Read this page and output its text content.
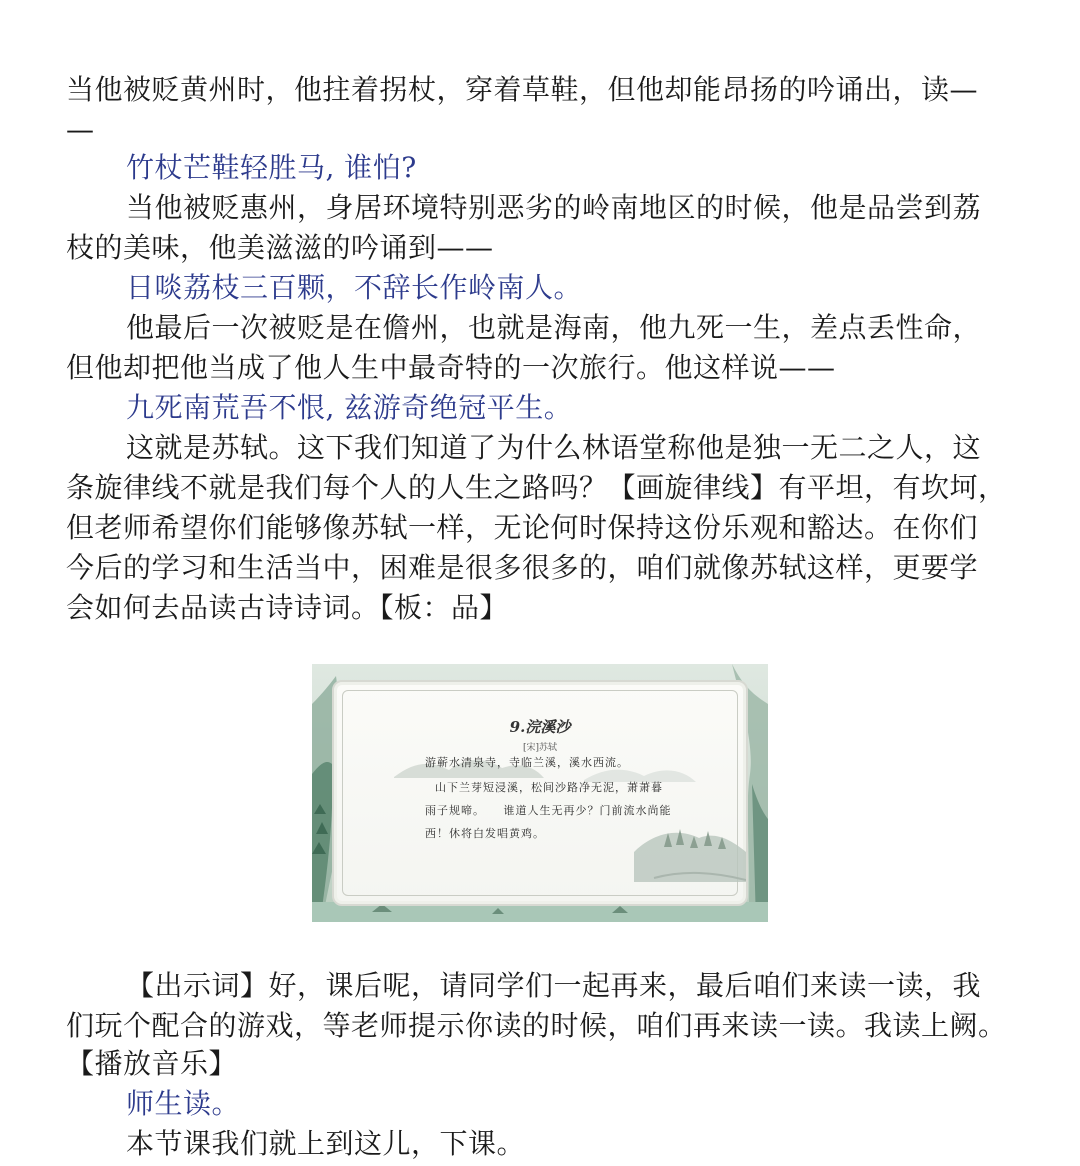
当他被贬黄州时，他拄着拐杖，穿着草鞋，但他却能昂扬的吟诵出，读—
—
竹杖芒鞋轻胜马, 谁怕?
当他被贬惠州，身居环境特别恶劣的岭南地区的时候，他是品尝到荔
枝的美味，他美滋滋的吟诵到——
日啖荔枝三百颗，不辞长作岭南人。
他最后一次被贬是在儋州，也就是海南，他九死一生，差点丢性命，
但他却把他当成了他人生中最奇特的一次旅行。他这样说——
九死南荒吾不恨, 兹游奇绝冠平生。
这就是苏轼。这下我们知道了为什么林语堂称他是独一无二之人，这
条旋律线不就是我们每个人的人生之路吗？【画旋律线】有平坦，有坎坷，
但老师希望你们能够像苏轼一样，无论何时保持这份乐观和豁达。在你们
今后的学习和生活当中，困难是很多很多的，咱们就像苏轼这样，更要学
会如何去品读古诗诗词。【板：品】
9.浣溪沙
[宋]苏轼
游蕲水清泉寺，寺临兰溪，溪水西流。
山下兰芽短浸溪，松间沙路净无泥，萧萧暮
雨子规啼。　　谁道人生无再少？门前流水尚能
西！休将白发唱黄鸡。
【出示词】好，课后呢，请同学们一起再来，最后咱们来读一读，我
们玩个配合的游戏，等老师提示你读的时候，咱们再来读一读。我读上阙。
【播放音乐】
师生读。
本节课我们就上到这儿，下课。
